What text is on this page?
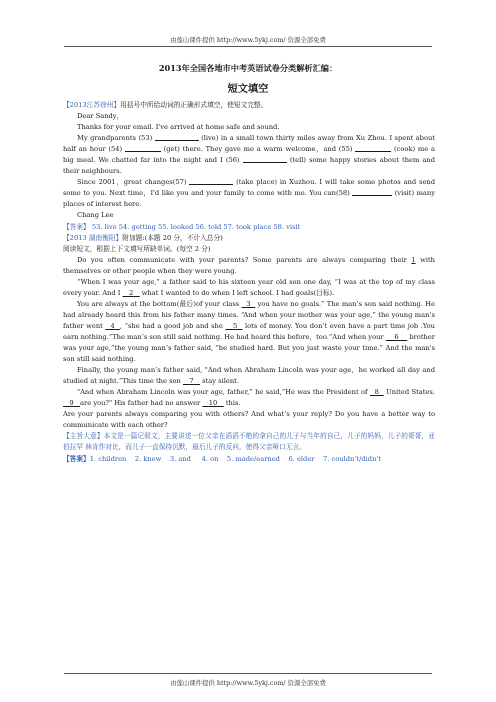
由莲山课件提供 http://www.5ykj.com/ 资源全部免费
2013年全国各地市中考英语试卷分类解析汇编：
短文填空

【2013江苏徐州】用括号中所给动词的正确形式填空，使短文完整。

Dear Sandy，

Thanks for your email. I've arrived at home safe and sound.

My grandparents (53)	(live) in a small town thirty miles away from Xu Zhou. I spent about half an hour (54)	(get) there. They gave me a warm welcome，and (55)	(cook) me a big meal. We chatted far into the night and I (56)	(tell) some happy stories about them and their neighbours.

Since 2001，great changes(57)	(take place) in Xuzhou. I will take some photos and send some to you. Next time，I'd like you and your family to come with me. You can(58)	(visit) many places of interest here.

Chang Lee

【答案】 53. live 54. getting 55. looked 56. told 57. took place 58. visit

【2013 湖南衡阳】附加题:(本题 20 分，不计入总分)

阅读短文，根据上下文填写所缺单词。(每空 2 分)

Do you often communicate with your parents? Some parents are always comparing their 1 with themselves or other people when they were young.

“When I was your age,” a father said to his sixteen year old son one day, “I was at the top of my class every year. And I 2 what I wanted to do when I left school. I had goals(目标).

You are always at the bottom(最后)of your class 3 you have no goals.” The man’s son said nothing. He had already heard this from his father many times. “And when your mother was your age,” the young man’s father went 4 , “she had a good job and she 5 lots of money. You don’t even have a part time job .You earn nothing.”The man’s son still said nothing. He had heard this before，too.”And when your 6 brother was your age,”the young man’s father said, "he studied hard. But you just waste your time.” And the man's son still said nothing.

Finally, the young man’s father said, "And when Abraham Lincoln was your age，he worked all day and studied at night.”This time the son 7 stay silent.

"And when Abraham Lincoln was your age, father,” he said,“He was the President of 8 United States.    9 are you?" His father had no answer 10 this.

Are your parents always comparing you with others? And what’s your reply? Do you have a better way to communicate with each other?

【主旨大意】本文是一篇记叙文，主要讲述一位父亲在滔滔不绝的拿自己的儿子与当年的自己，儿子的妈妈，儿子的哥哥，亚伯拉罕 林肯作对比，而儿子一直保持沉默，最后儿子的反问，使得父亲哑口无言。

【答案】1. children    2. knew    3. and     4. on    5. made/earned    6. elder    7. couldn’t/didn’t

由莲山课件提供 http://www.5ykj.com/ 资源全部免费
